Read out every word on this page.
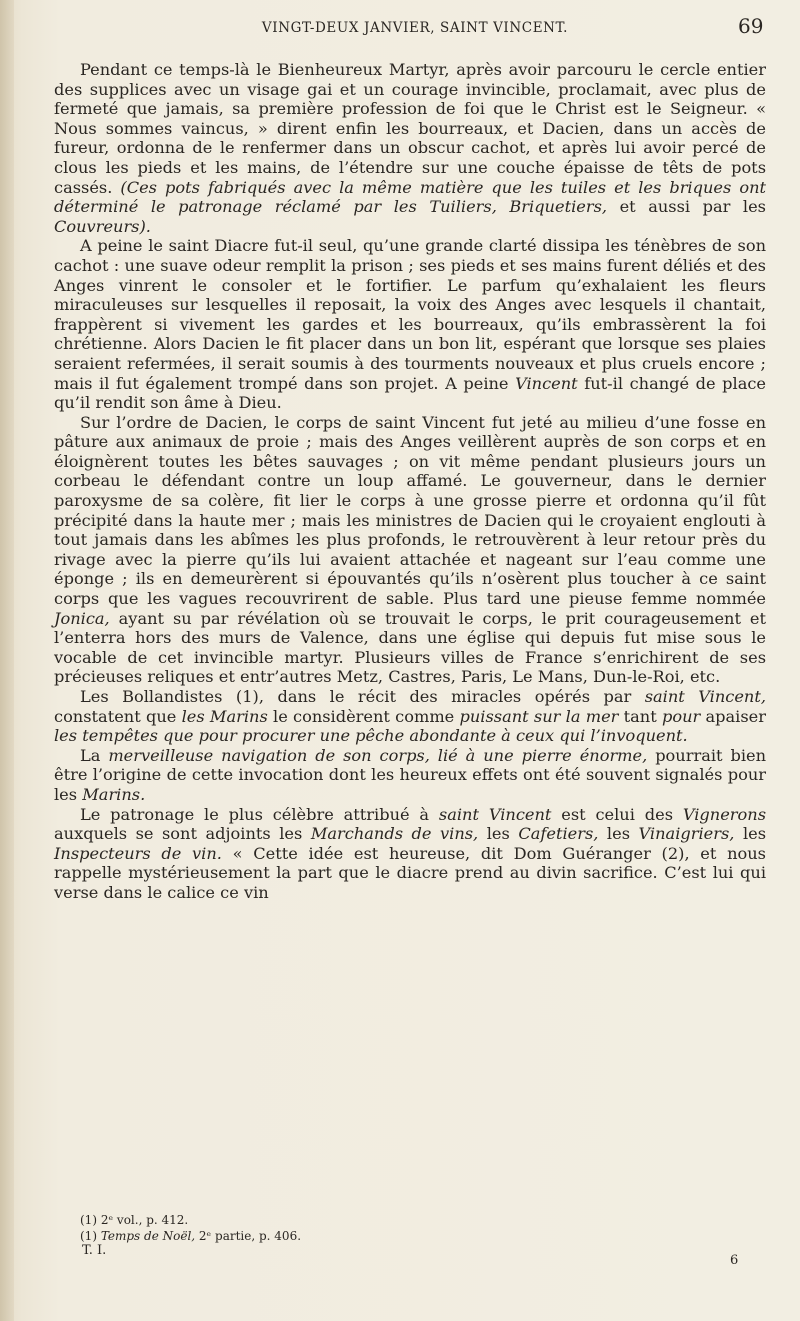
VINGT-DEUX JANVIER, SAINT VINCENT.	69

Pendant ce temps-là le Bienheureux Martyr, après avoir parcouru le cercle entier des supplices avec un visage gai et un courage invincible, proclamait, avec plus de fermeté que jamais, sa première profession de foi que le Christ est le Seigneur. « Nous sommes vaincus, » dirent enfin les bourreaux, et Dacien, dans un accès de fureur, ordonna de le renfermer dans un obscur cachot, et après lui avoir percé de clous les pieds et les mains, de l’étendre sur une couche épaisse de têts de pots cassés. (Ces pots fabriqués avec la même matière que les tuiles et les briques ont déterminé le patronage réclamé par les Tuiliers, Briquetiers, et aussi par les Couvreurs).

A peine le saint Diacre fut-il seul, qu’une grande clarté dissipa les ténèbres de son cachot : une suave odeur remplit la prison ; ses pieds et ses mains furent déliés et des Anges vinrent le consoler et le fortifier. Le parfum qu’exhalaient les fleurs miraculeuses sur lesquelles il reposait, la voix des Anges avec lesquels il chantait, frappèrent si vivement les gardes et les bourreaux, qu’ils embrassèrent la foi chrétienne. Alors Dacien le fit placer dans un bon lit, espérant que lorsque ses plaies seraient refermées, il serait soumis à des tourments nouveaux et plus cruels encore ; mais il fut également trompé dans son projet. A peine Vincent fut-il changé de place qu’il rendit son âme à Dieu.

Sur l’ordre de Dacien, le corps de saint Vincent fut jeté au milieu d’une fosse en pâture aux animaux de proie ; mais des Anges veillèrent auprès de son corps et en éloignèrent toutes les bêtes sauvages ; on vit même pendant plusieurs jours un corbeau le défendant contre un loup affamé. Le gouverneur, dans le dernier paroxysme de sa colère, fit lier le corps à une grosse pierre et ordonna qu’il fût précipité dans la haute mer ; mais les ministres de Dacien qui le croyaient englouti à tout jamais dans les abîmes les plus profonds, le retrouvèrent à leur retour près du rivage avec la pierre qu’ils lui avaient attachée et nageant sur l’eau comme une éponge ; ils en demeurèrent si épouvantés qu’ils n’osèrent plus toucher à ce saint corps que les vagues recouvrirent de sable. Plus tard une pieuse femme nommée Jonica, ayant su par révélation où se trouvait le corps, le prit courageusement et l’enterra hors des murs de Valence, dans une église qui depuis fut mise sous le vocable de cet invincible martyr. Plusieurs villes de France s’enrichirent de ses précieuses reliques et entr’autres Metz, Castres, Paris, Le Mans, Dun-le-Roi, etc.

Les Bollandistes (1), dans le récit des miracles opérés par saint Vincent, constatent que les Marins le considèrent comme puissant sur la mer tant pour apaiser les tempêtes que pour procurer une pêche abondante à ceux qui l’invoquent.

La merveilleuse navigation de son corps, lié à une pierre énorme, pourrait bien être l’origine de cette invocation dont les heureux effets ont été souvent signalés pour les Marins.

Le patronage le plus célèbre attribué à saint Vincent est celui des Vignerons auxquels se sont adjoints les Marchands de vins, les Cafetiers, les Vinaigriers, les Inspecteurs de vin. « Cette idée est heureuse, dit Dom Guéranger (2), et nous rappelle mystérieusement la part que le diacre prend au divin sacrifice. C’est lui qui verse dans le calice ce vin

(1) 2ᵉ vol., p. 412.
(1) Temps de Noël, 2ᵉ partie, p. 406.
T. I.
6
